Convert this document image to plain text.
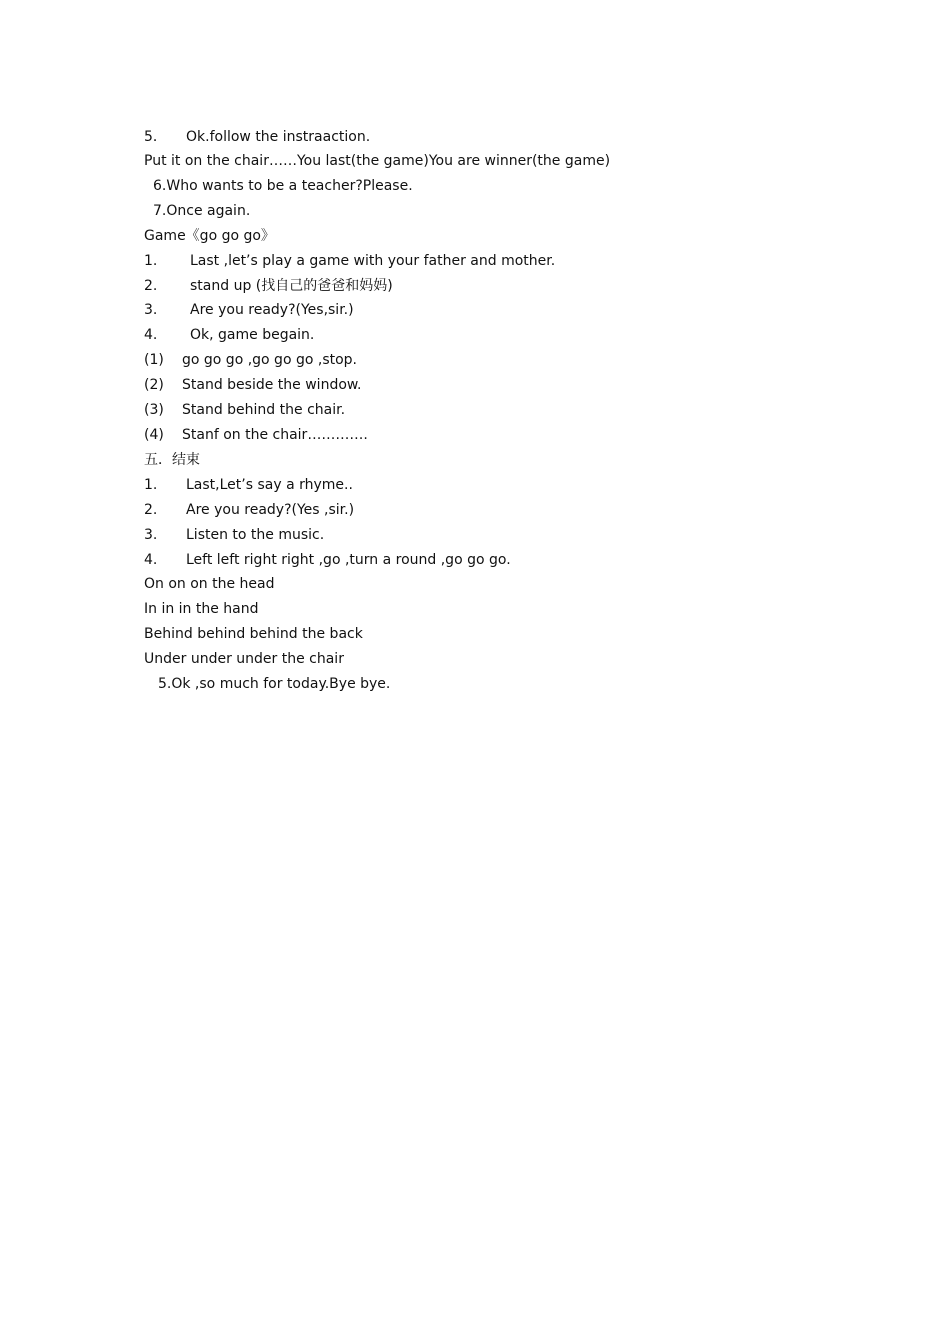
5． Ok.follow the instraaction.
Put it on the chair……You last(the game)You are winner(the game)
6.Who wants to be a teacher?Please.
7.Once again.
Game《go go go》
1. Last ,let’s play a game with your father and mother.
2. stand up (找自己的爸爸和妈妈)
3. Are you ready?(Yes,sir.)
4. Ok, game begain.
(1) go go go ,go go go ,stop.
(2) Stand beside the window.
(3) Stand behind the chair.
(4) Stanf on the chair………….
五．结束
1. Last,Let’s say a rhyme..
2. Are you ready?(Yes ,sir.)
3. Listen to the music.
4. Left left right right ,go ,turn a round ,go go go.
On on on the head
In in in the hand
Behind behind behind the back
Under under under the chair
5.Ok ,so much for today.Bye bye.
